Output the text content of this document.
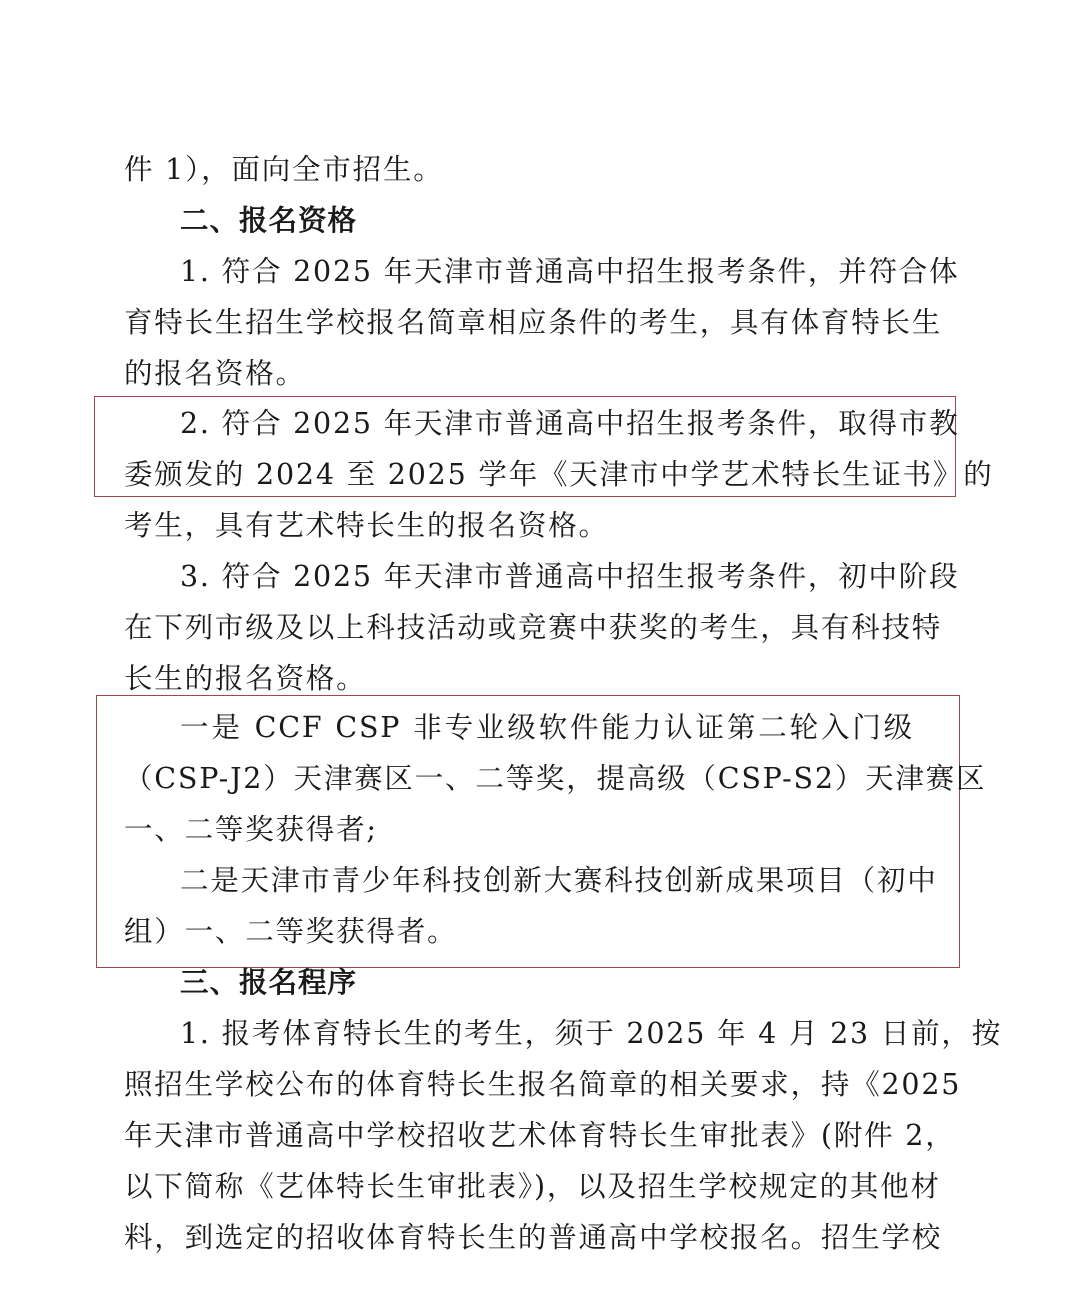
件 1），面向全市招生。
二、报名资格
1. 符合 2025 年天津市普通高中招生报考条件，并符合体
育特长生招生学校报名简章相应条件的考生，具有体育特长生
的报名资格。
2. 符合 2025 年天津市普通高中招生报考条件，取得市教
委颁发的 2024 至 2025 学年《天津市中学艺术特长生证书》的
考生，具有艺术特长生的报名资格。
3. 符合 2025 年天津市普通高中招生报考条件，初中阶段
在下列市级及以上科技活动或竞赛中获奖的考生，具有科技特
长生的报名资格。
一是 CCF CSP 非专业级软件能力认证第二轮入门级
（CSP-J2）天津赛区一、二等奖，提高级（CSP-S2）天津赛区
一、二等奖获得者;
二是天津市青少年科技创新大赛科技创新成果项目（初中
组）一、二等奖获得者。
三、报名程序
1. 报考体育特长生的考生，须于 2025 年 4 月 23 日前，按
照招生学校公布的体育特长生报名简章的相关要求，持《2025
年天津市普通高中学校招收艺术体育特长生审批表》(附件 2，
以下简称《艺体特长生审批表》)，以及招生学校规定的其他材
料，到选定的招收体育特长生的普通高中学校报名。招生学校
